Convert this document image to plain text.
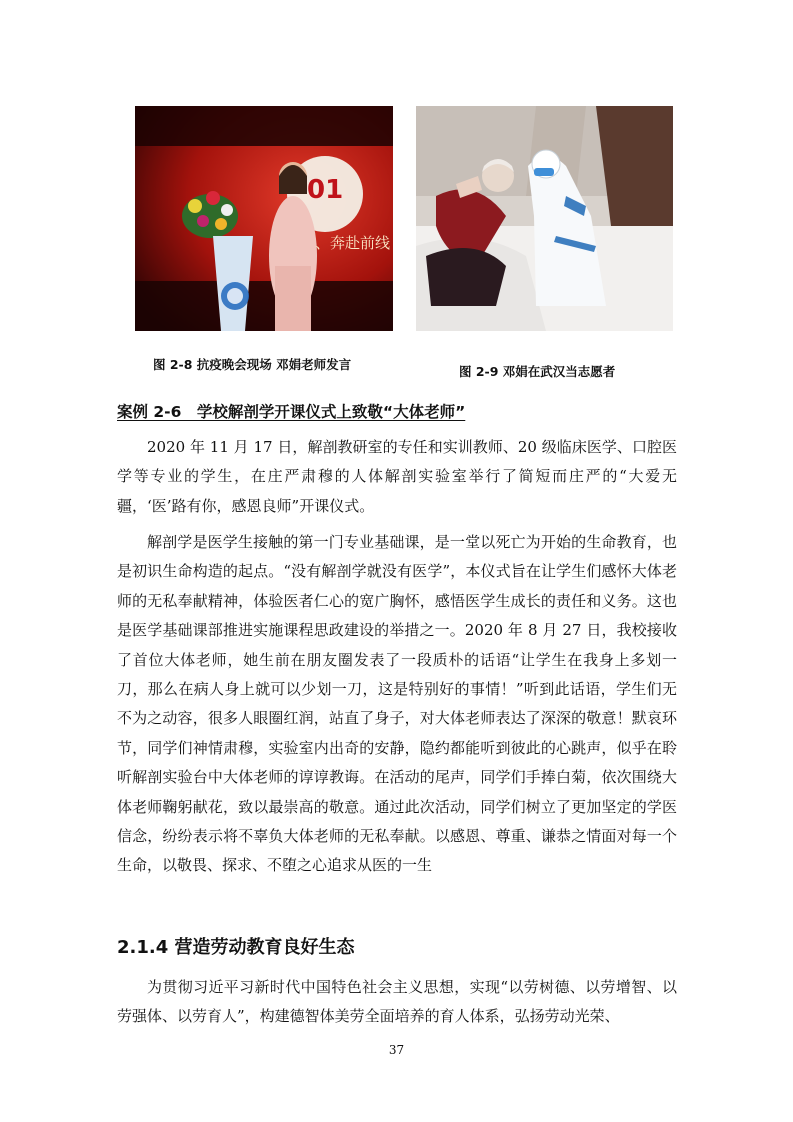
01
、奔赴前线
图 2-8 抗疫晚会现场 邓娟老师发言	图 2-9 邓娟在武汉当志愿者
案例 2-6　学校解剖学开课仪式上致敬“大体老师”
2020 年 11 月 17 日，解剖教研室的专任和实训教师、20 级临床医学、口腔医学等专业的学生，在庄严肃穆的人体解剖实验室举行了简短而庄严的“大爱无疆，‘医’路有你，感恩良师”开课仪式。
解剖学是医学生接触的第一门专业基础课，是一堂以死亡为开始的生命教育，也是初识生命构造的起点。“没有解剖学就没有医学”，本仪式旨在让学生们感怀大体老师的无私奉献精神，体验医者仁心的宽广胸怀，感悟医学生成长的责任和义务。这也是医学基础课部推进实施课程思政建设的举措之一。2020 年 8 月 27 日，我校接收了首位大体老师，她生前在朋友圈发表了一段质朴的话语“让学生在我身上多划一刀，那么在病人身上就可以少划一刀，这是特别好的事情！”听到此话语，学生们无不为之动容，很多人眼圈红润，站直了身子，对大体老师表达了深深的敬意！默哀环节，同学们神情肃穆，实验室内出奇的安静，隐约都能听到彼此的心跳声，似乎在聆听解剖实验台中大体老师的谆谆教诲。在活动的尾声，同学们手捧白菊，依次围绕大体老师鞠躬献花，致以最崇高的敬意。通过此次活动，同学们树立了更加坚定的学医信念，纷纷表示将不辜负大体老师的无私奉献。以感恩、尊重、谦恭之情面对每一个生命，以敬畏、探求、不堕之心追求从医的一生
2.1.4 营造劳动教育良好生态
为贯彻习近平习新时代中国特色社会主义思想，实现“以劳树德、以劳增智、以劳强体、以劳育人”，构建德智体美劳全面培养的育人体系，弘扬劳动光荣、
37
